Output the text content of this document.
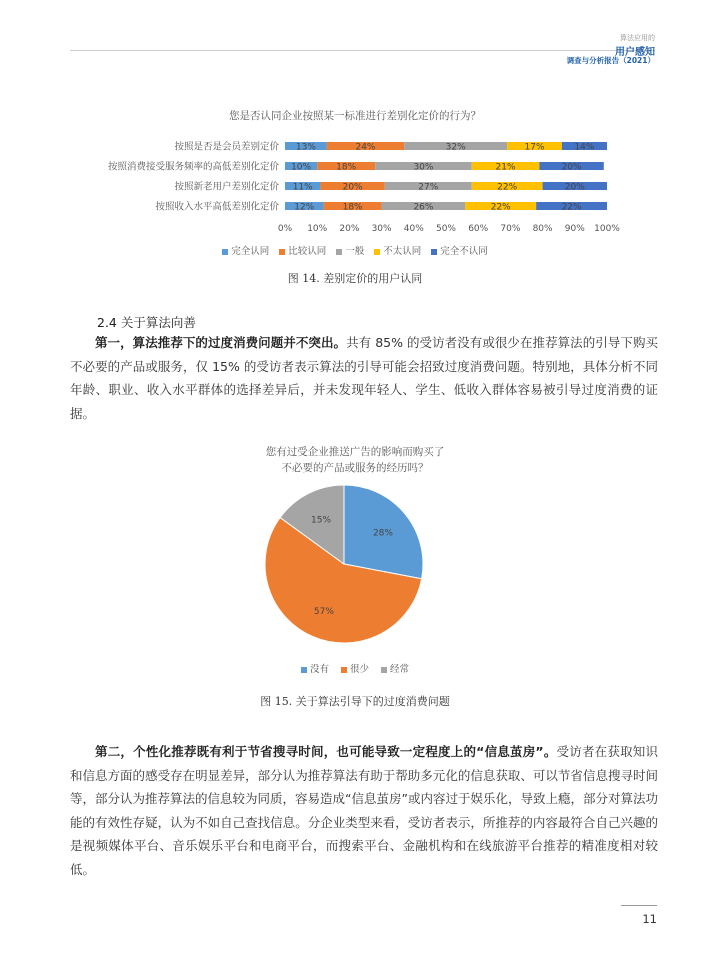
算法应用的
用户感知
调查与分析报告（2021）
您是否认同企业按照某一标准进行差别化定价的行为？
按照是否是会员差别定价 13%	24%	32%	17%	14%
按照消费接受服务频率的高低差别化定价 10%	18%	30%	21%	20%
按照新老用户差别化定价 11%	20%	27%	22%	20%
按照收入水平高低差别化定价 12%	18%	26%	22%	22%
0% 10% 20% 30% 40% 50% 60% 70% 80% 90% 100%
完全认同 比较认同 一般 不太认同 完全不认同
图 14. 差别定价的用户认同
2.4 关于算法向善

第一，算法推荐下的过度消费问题并不突出。共有 85% 的受访者没有或很少在推荐算法的引导下购买不必要的产品或服务，仅 15% 的受访者表示算法的引导可能会招致过度消费问题。特别地，具体分析不同年龄、职业、收入水平群体的选择差异后，并未发现年轻人、学生、低收入群体容易被引导过度消费的证据。

您有过受企业推送广告的影响而购买了
不必要的产品或服务的经历吗？
28%
57%
15%
没有 很少 经常
图 15. 关于算法引导下的过度消费问题

第二，个性化推荐既有利于节省搜寻时间，也可能导致一定程度上的“信息茧房”。受访者在获取知识和信息方面的感受存在明显差异，部分认为推荐算法有助于帮助多元化的信息获取、可以节省信息搜寻时间等，部分认为推荐算法的信息较为同质，容易造成“信息茧房”或内容过于娱乐化，导致上瘾，部分对算法功能的有效性存疑，认为不如自己查找信息。分企业类型来看，受访者表示，所推荐的内容最符合自己兴趣的是视频媒体平台、音乐娱乐平台和电商平台，而搜索平台、金融机构和在线旅游平台推荐的精准度相对较低。

11
